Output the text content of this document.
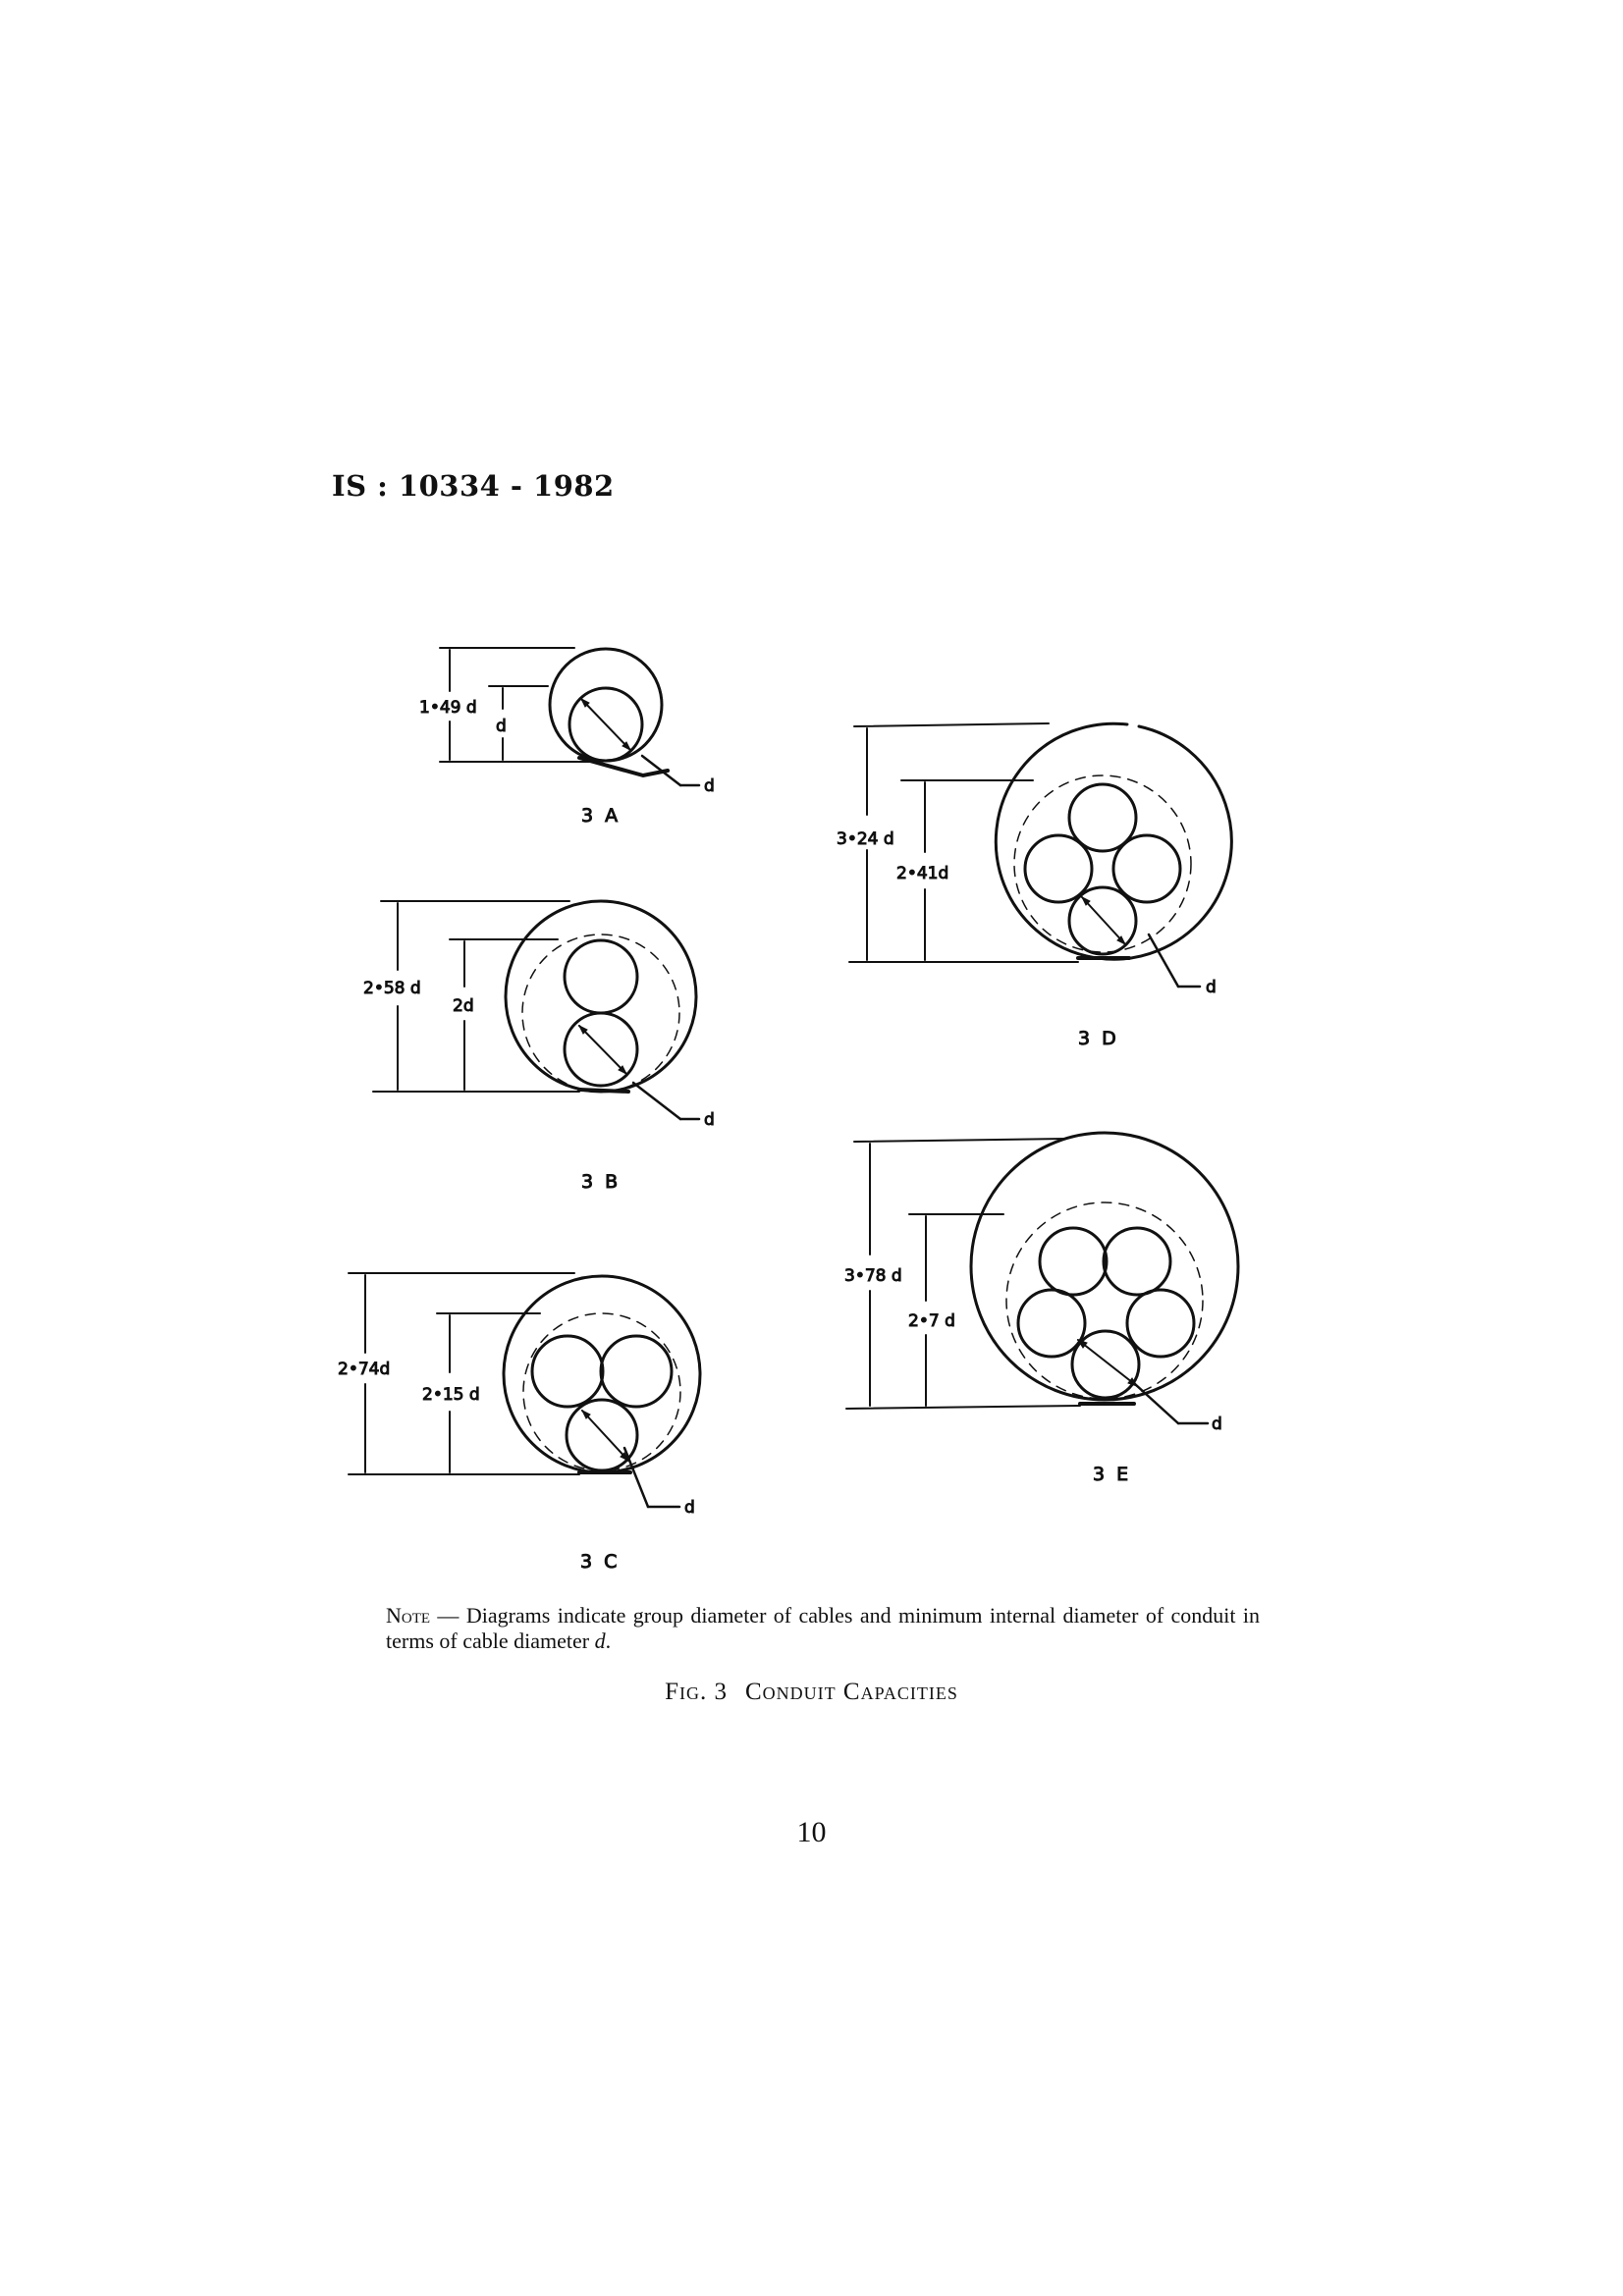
IS : 10334 - 1982
d
1•49 d
d
3 A
d
2•58 d
2d
3 B
d
2•74d
2•15 d
3 C
d
3•24 d
2•41d
3 D
d
3•78 d
2•7 d
3 E
Note — Diagrams indicate group diameter of cables and minimum internal diameter of conduit in terms of cable diameter d.
Fig. 3 Conduit Capacities
10
